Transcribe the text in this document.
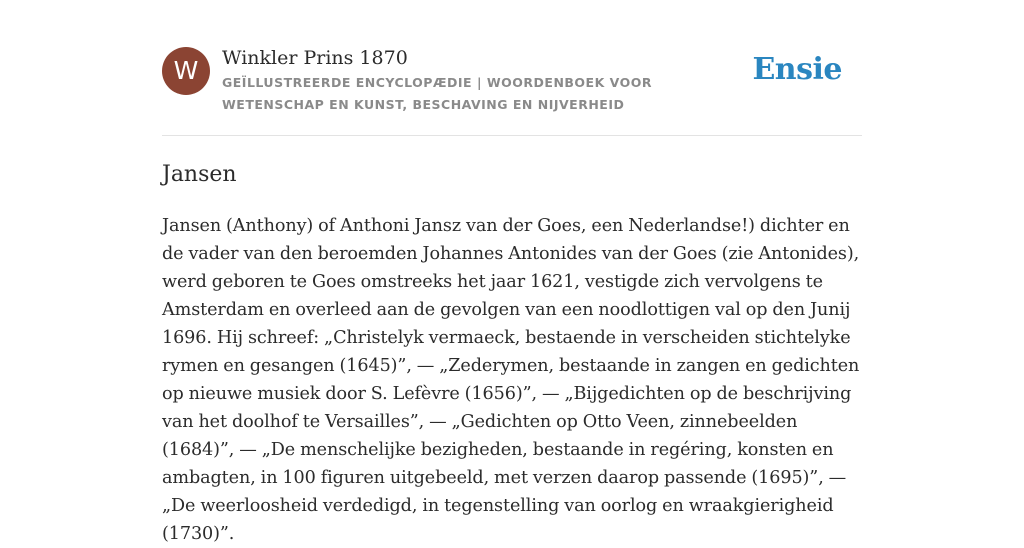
W	Winkler Prins 1870
GEÏLLUSTREERDE ENCYCLOPÆDIE | WOORDENBOEK VOOR WETENSCHAP EN KUNST, BESCHAVING EN NIJVERHEID
Ensie
Jansen

Jansen (Anthony) of Anthoni Jansz van der Goes, een Nederlandse!) dichter en de vader van den beroemden Johannes Antonides van der Goes (zie Antonides), werd geboren te Goes omstreeks het jaar 1621, vestigde zich vervolgens te Amsterdam en overleed aan de gevolgen van een noodlottigen val op den Junij 1696. Hij schreef: „Christelyk vermaeck, bestaende in verscheiden stichtelyke rymen en gesangen (1645)”, — „Zederymen, bestaande in zangen en gedichten op nieuwe musiek door S. Lefèvre (1656)”, — „Bijgedichten op de beschrijving van het doolhof te Versailles”, — „Gedichten op Otto Veen, zinnebeelden (1684)”, — „De menschelijke bezigheden, bestaande in regéring, konsten en ambagten, in 100 figuren uitgebeeld, met verzen daarop passende (1695)”, — „De weerloosheid verdedigd, in tegenstelling van oorlog en wraakgierigheid (1730)”.
